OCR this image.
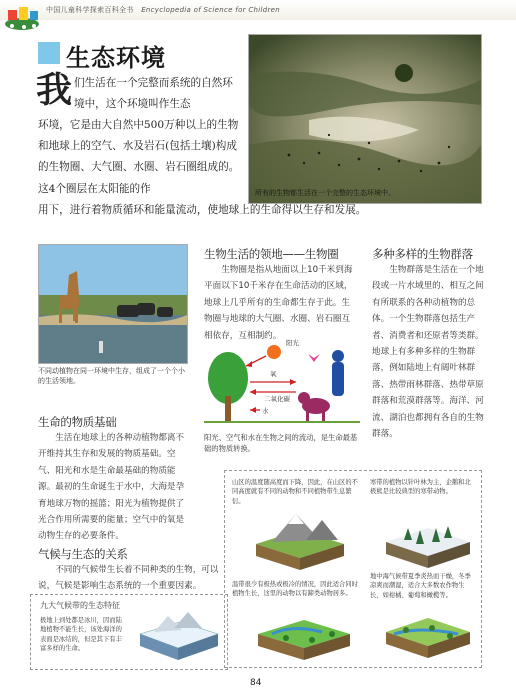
中国儿童科学探索百科全书 Encyclopedia of Science for Children
生态环境
我 们生活在一个完整而系统的自然环境中，这个环境叫作生态
环境，它是由大自然中500万种以上的生物和地球上的空气、水及岩石(包括土壤)构成的生物圈、大气圈、水圈、岩石圈组成的。这4个圈层在太阳能的作
用下，进行着物质循环和能量流动，使地球上的生命得以生存和发展。
所有的生物都生活在一个完整的生态环境中。
不同动植物在同一环境中生存，组成了一个个小的生活领地。
生物生活的领地——生物圈
生物圈是指从地面以上10千米到海平面以下10千米存在生命活动的区域，地球上几乎所有的生命都生存于此。生物圈与地球的大气圈、水圈、岩石圈互相依存，互相制约。
阳光
氧
二氧化碳
水
阳光、空气和水在生物之间的流动，是生命最基础的物质转换。
多种多样的生物群落
生物群落是生活在一个地段或一片水域里的、相互之间有所联系的各种动植物的总体。一个生物群落包括生产者、消费者和还原者等类群。地球上有多种多样的生物群落，例如陆地上有阔叶林群落、热带雨林群落、热带草原群落和荒漠群落等。海洋、河流、湖泊也都拥有各自的生物群落。
生命的物质基础
生活在地球上的各种动植物都离不开维持其生存和发展的物质基础。空气、阳光和水是生命最基础的物质能源。最初的生命诞生于水中，大海是孕育地球万物的摇篮；阳光为植物提供了光合作用所需要的能量；空气中的氧是动物生存的必要条件。
气候与生态的关系
不同的气候带生长着不同种类的生物，可以说，气候是影响生态系统的一个重要因素。
九大气候带的生态特征
极地上到处都是冰川，因而陆地植物不能生长，该处海洋的表面是冰结的，但是其下有丰富多样的生命。
山区的温度随高度而下降，因此，在山区的不同高度就有不同的动物和不同植物带生息繁衍。
寒带的植物以针叶林为主，企鹅和北极熊是比较典型的寒带动物。
温带很少有极热或极冷的情况，因此适合同时植物生长，这里的动物以有蹄类动物居多。
地中海气候带夏季炎热而干燥，冬季凉爽而潮湿，适合大多数农作物生长，如柑橘、葡萄和橄榄等。
84
